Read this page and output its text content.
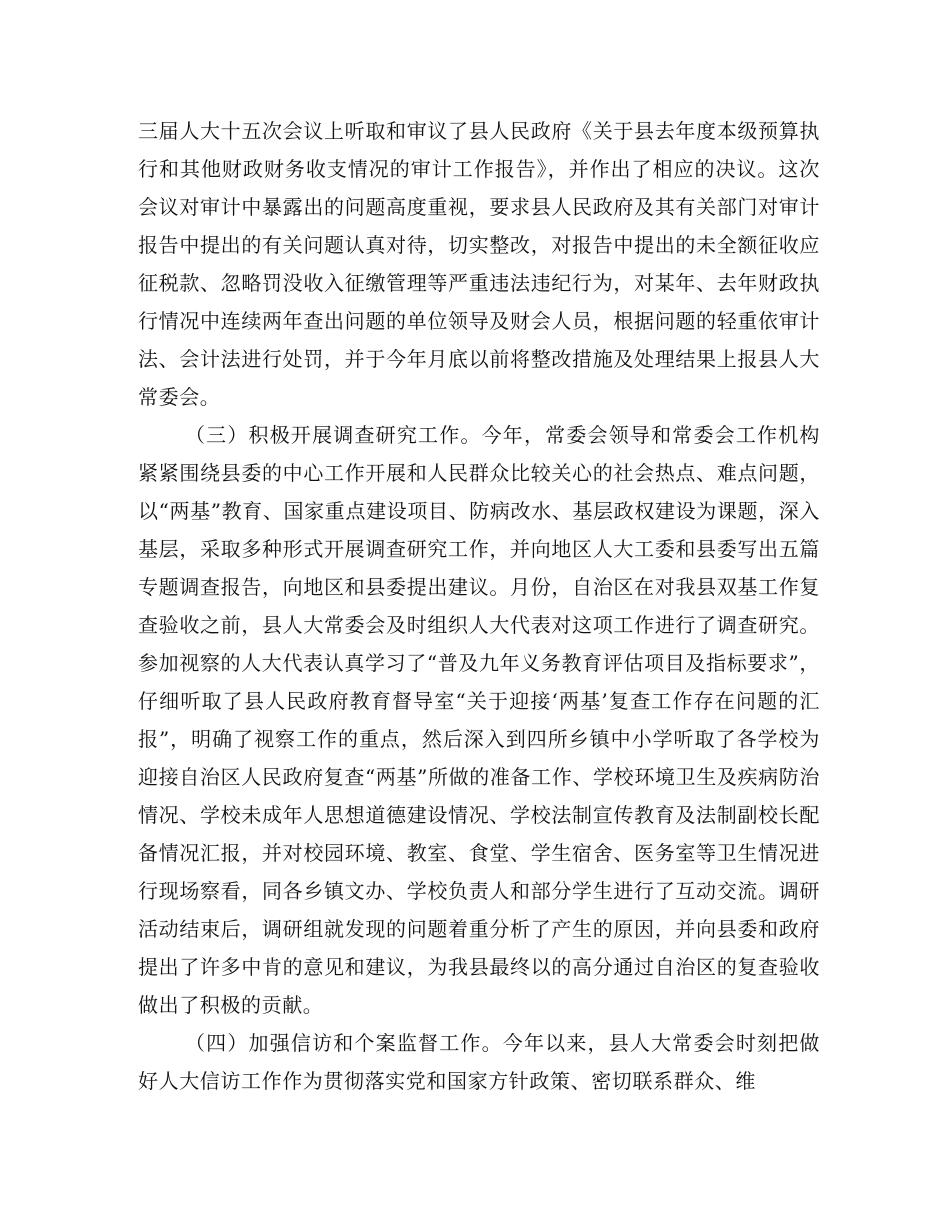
三届人大十五次会议上听取和审议了县人民政府《关于县去年度本级预算执行和其他财政财务收支情况的审计工作报告》，并作出了相应的决议。这次会议对审计中暴露出的问题高度重视，要求县人民政府及其有关部门对审计报告中提出的有关问题认真对待，切实整改，对报告中提出的未全额征收应征税款、忽略罚没收入征缴管理等严重违法违纪行为，对某年、去年财政执行情况中连续两年查出问题的单位领导及财会人员，根据问题的轻重依审计法、会计法进行处罚，并于今年月底以前将整改措施及处理结果上报县人大常委会。

（三）积极开展调查研究工作。今年，常委会领导和常委会工作机构紧紧围绕县委的中心工作开展和人民群众比较关心的社会热点、难点问题，以“两基”教育、国家重点建设项目、防病改水、基层政权建设为课题，深入基层，采取多种形式开展调查研究工作，并向地区人大工委和县委写出五篇专题调查报告，向地区和县委提出建议。月份，自治区在对我县双基工作复查验收之前，县人大常委会及时组织人大代表对这项工作进行了调查研究。参加视察的人大代表认真学习了“普及九年义务教育评估项目及指标要求”，仔细听取了县人民政府教育督导室“关于迎接‘两基’复查工作存在问题的汇报”，明确了视察工作的重点，然后深入到四所乡镇中小学听取了各学校为迎接自治区人民政府复查“两基”所做的准备工作、学校环境卫生及疾病防治情况、学校未成年人思想道德建设情况、学校法制宣传教育及法制副校长配备情况汇报，并对校园环境、教室、食堂、学生宿舍、医务室等卫生情况进行现场察看，同各乡镇文办、学校负责人和部分学生进行了互动交流。调研活动结束后，调研组就发现的问题着重分析了产生的原因，并向县委和政府提出了许多中肯的意见和建议，为我县最终以的高分通过自治区的复查验收做出了积极的贡献。

（四）加强信访和个案监督工作。今年以来，县人大常委会时刻把做好人大信访工作作为贯彻落实党和国家方针政策、密切联系群众、维
